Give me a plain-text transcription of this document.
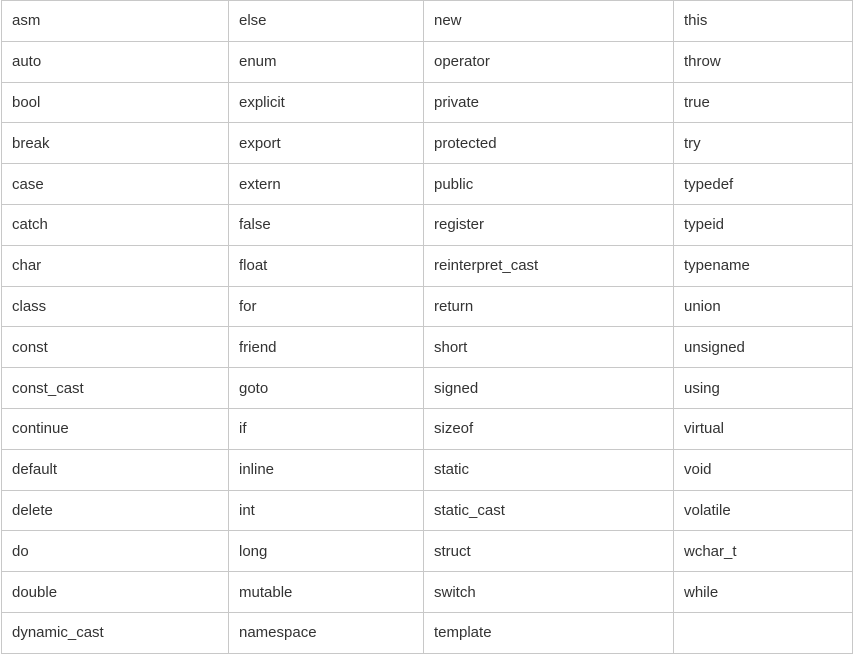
asm	else	new	this
auto	enum	operator	throw
bool	explicit	private	true
break	export	protected	try
case	extern	public	typedef
catch	false	register	typeid
char	float	reinterpret_cast	typename
class	for	return	union
const	friend	short	unsigned
const_cast	goto	signed	using
continue	if	sizeof	virtual
default	inline	static	void
delete	int	static_cast	volatile
do	long	struct	wchar_t
double	mutable	switch	while
dynamic_cast	namespace	template	
